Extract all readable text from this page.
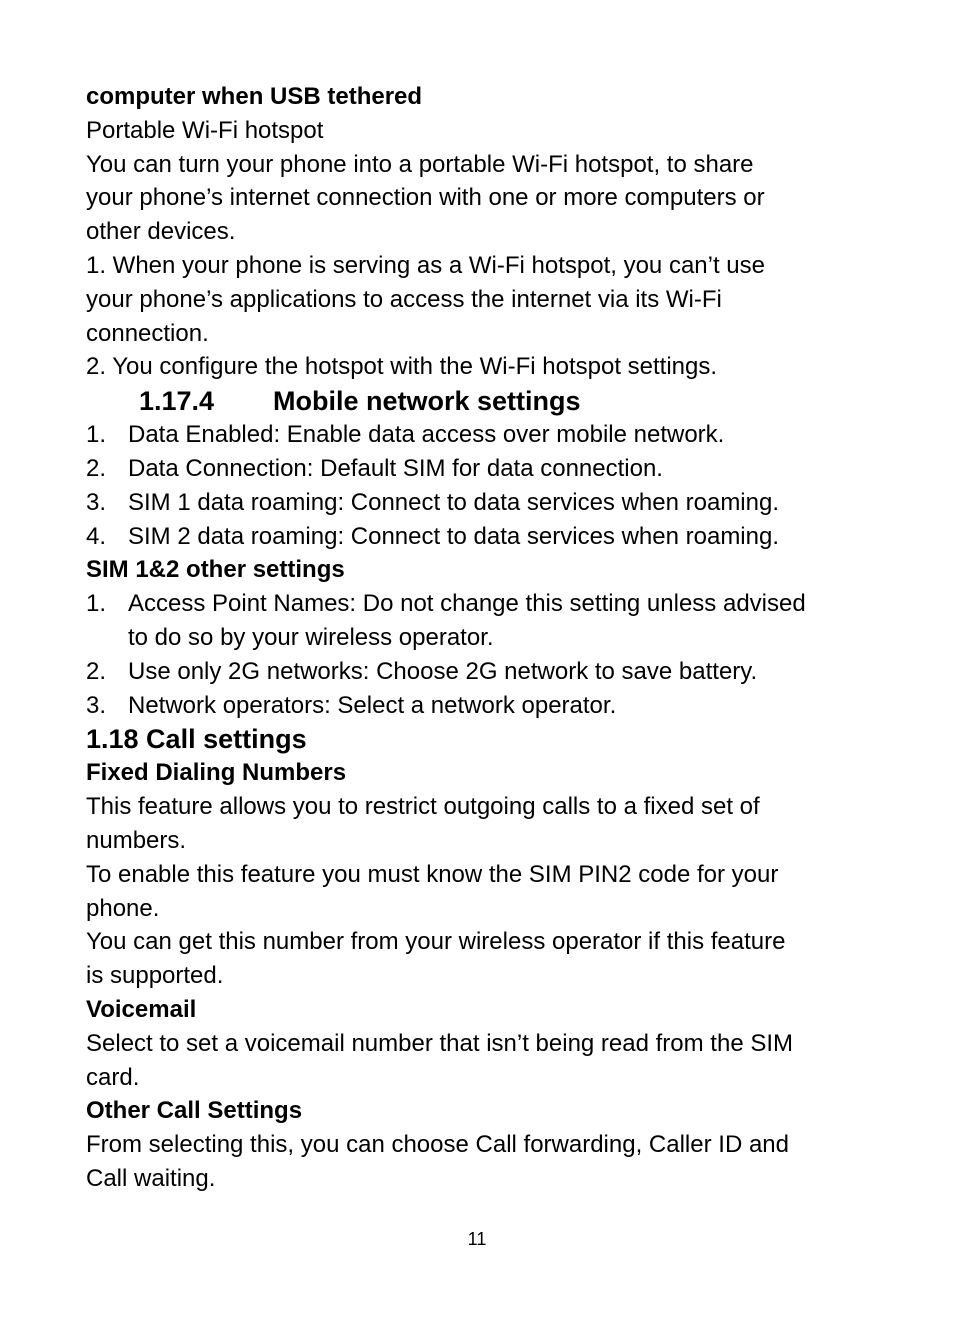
computer when USB tethered
Portable Wi-Fi hotspot
You can turn your phone into a portable Wi-Fi hotspot, to share
your phone’s internet connection with one or more computers or
other devices.
1. When your phone is serving as a Wi-Fi hotspot, you can’t use
your phone’s applications to access the internet via its Wi-Fi
connection.
2. You configure the hotspot with the Wi-Fi hotspot settings.
1.17.4 Mobile network settings
1. Data Enabled: Enable data access over mobile network.
2. Data Connection: Default SIM for data connection.
3. SIM 1 data roaming: Connect to data services when roaming.
4. SIM 2 data roaming: Connect to data services when roaming.
SIM 1&2 other settings
1. Access Point Names: Do not change this setting unless advised
to do so by your wireless operator.
2. Use only 2G networks: Choose 2G network to save battery.
3. Network operators: Select a network operator.
1.18 Call settings
Fixed Dialing Numbers
This feature allows you to restrict outgoing calls to a fixed set of
numbers.
To enable this feature you must know the SIM PIN2 code for your
phone.
You can get this number from your wireless operator if this feature
is supported.
Voicemail
Select to set a voicemail number that isn’t being read from the SIM
card.
Other Call Settings
From selecting this, you can choose Call forwarding, Caller ID and
Call waiting.
11
